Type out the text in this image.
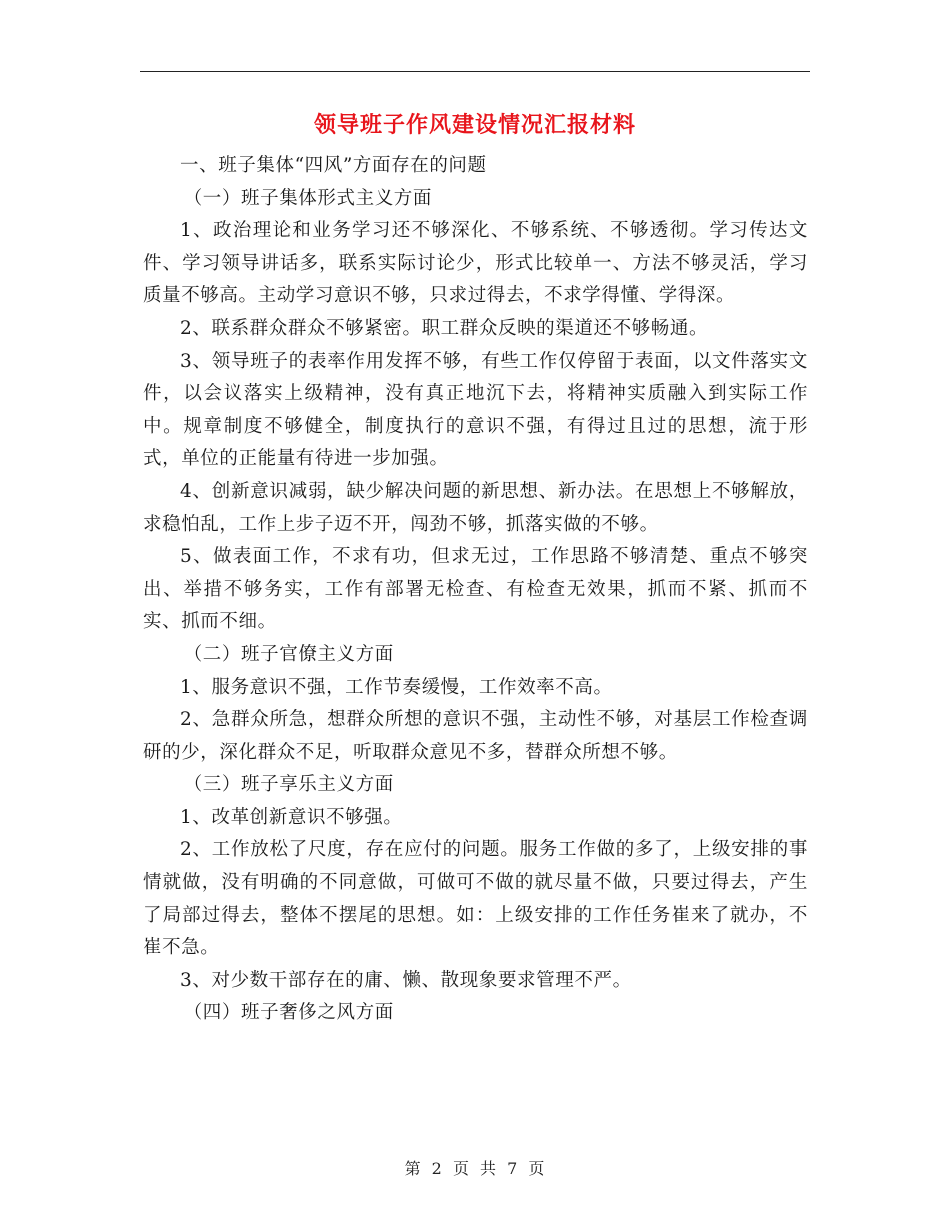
领导班子作风建设情况汇报材料

一、班子集体“四风”方面存在的问题

（一）班子集体形式主义方面

1、政治理论和业务学习还不够深化、不够系统、不够透彻。学习传达文件、学习领导讲话多，联系实际讨论少，形式比较单一、方法不够灵活，学习质量不够高。主动学习意识不够，只求过得去，不求学得懂、学得深。

2、联系群众群众不够紧密。职工群众反映的渠道还不够畅通。

3、领导班子的表率作用发挥不够，有些工作仅停留于表面，以文件落实文件，以会议落实上级精神，没有真正地沉下去，将精神实质融入到实际工作中。规章制度不够健全，制度执行的意识不强，有得过且过的思想，流于形式，单位的正能量有待进一步加强。

4、创新意识减弱，缺少解决问题的新思想、新办法。在思想上不够解放，求稳怕乱，工作上步子迈不开，闯劲不够，抓落实做的不够。

5、做表面工作，不求有功，但求无过，工作思路不够清楚、重点不够突出、举措不够务实，工作有部署无检查、有检查无效果，抓而不紧、抓而不实、抓而不细。

（二）班子官僚主义方面

1、服务意识不强，工作节奏缓慢，工作效率不高。

2、急群众所急，想群众所想的意识不强，主动性不够，对基层工作检查调研的少，深化群众不足，听取群众意见不多，替群众所想不够。

（三）班子享乐主义方面

1、改革创新意识不够强。

2、工作放松了尺度，存在应付的问题。服务工作做的多了，上级安排的事情就做，没有明确的不同意做，可做可不做的就尽量不做，只要过得去，产生了局部过得去，整体不摆尾的思想。如：上级安排的工作任务崔来了就办，不崔不急。

3、对少数干部存在的庸、懒、散现象要求管理不严。

（四）班子奢侈之风方面

第 2 页 共 7 页
